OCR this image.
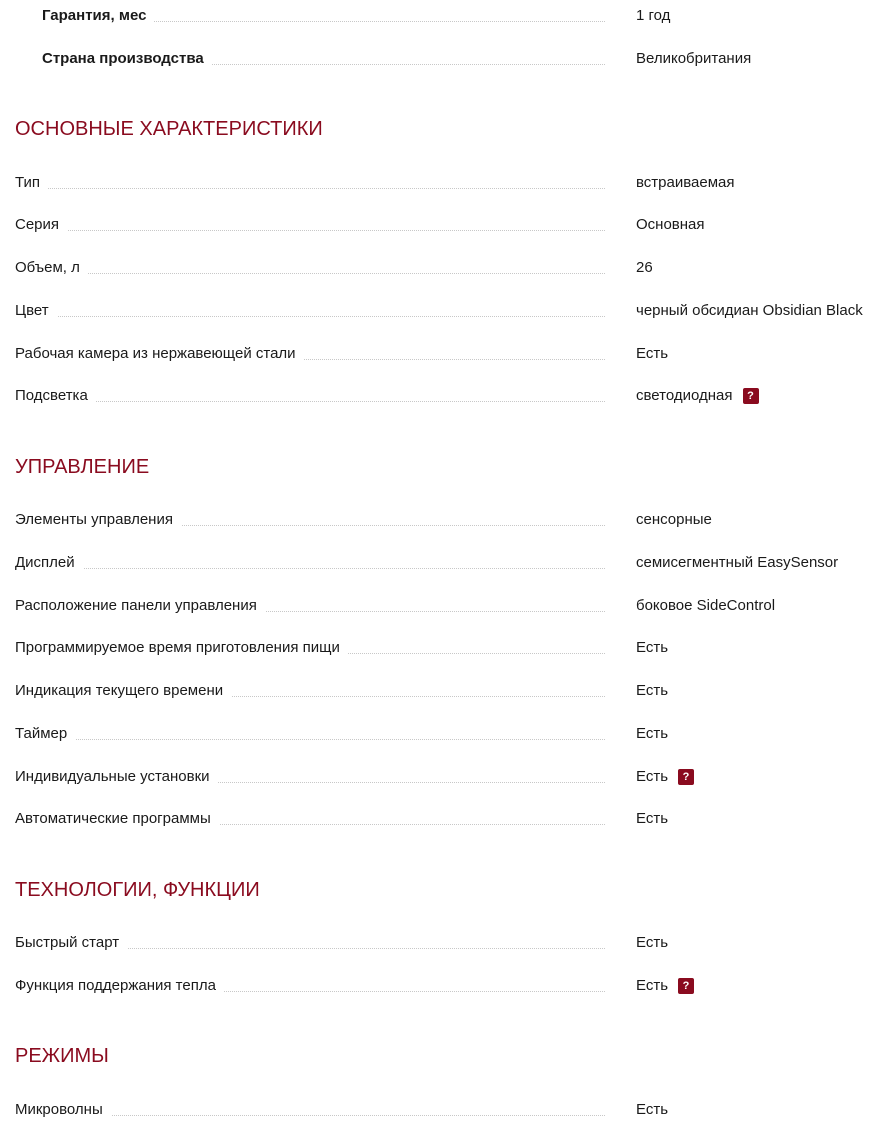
Гарантия, мес	1 год
Страна производства	Великобритания
ОСНОВНЫЕ ХАРАКТЕРИСТИКИ
Тип	встраиваемая
Серия	Основная
Объем, л	26
Цвет	черный обсидиан Obsidian Black
Рабочая камера из нержавеющей стали	Есть
Подсветка	светодиодная	?
УПРАВЛЕНИЕ
Элементы управления	сенсорные
Дисплей	семисегментный EasySensor
Расположение панели управления	боковое SideControl
Программируемое время приготовления пищи	Есть
Индикация текущего времени	Есть
Таймер	Есть
Индивидуальные установки	Есть	?
Автоматические программы	Есть
ТЕХНОЛОГИИ, ФУНКЦИИ
Быстрый старт	Есть
Функция поддержания тепла	Есть	?
РЕЖИМЫ
Микроволны	Есть
